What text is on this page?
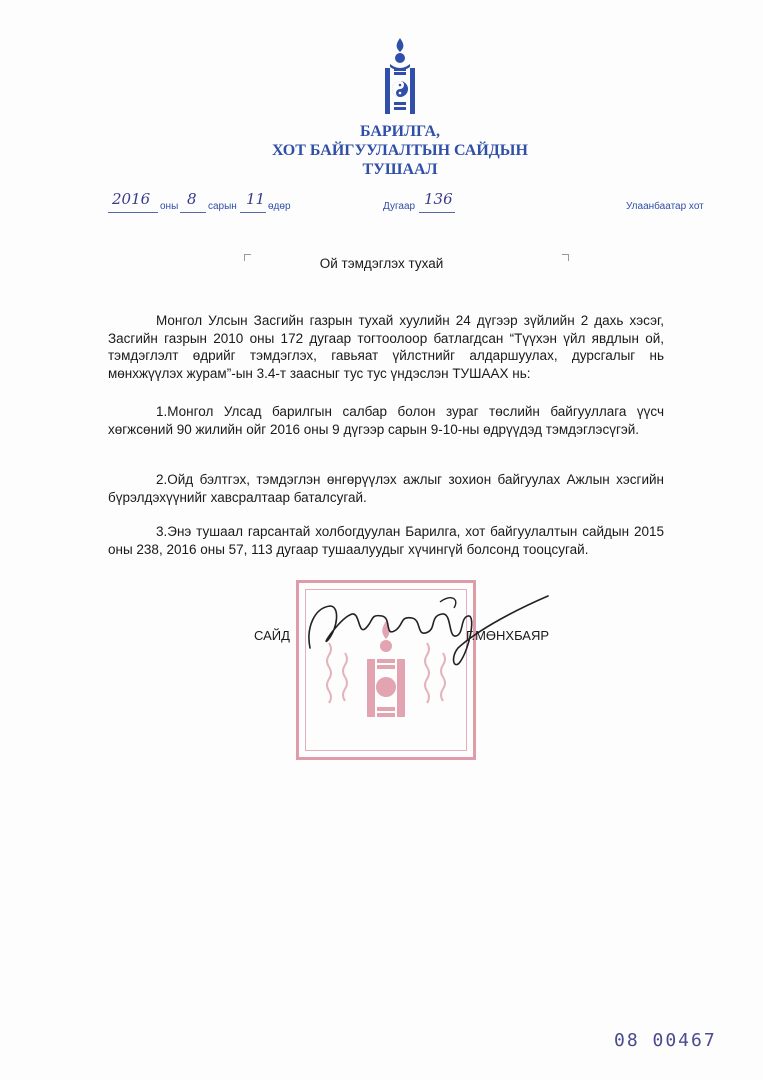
БАРИЛГА,
ХОТ БАЙГУУЛАЛТЫН САЙДЫН
ТУШААЛ
2016 оны 8 сарын 11 өдөр	Дугаар 136	Улаанбаатар хот
Ой тэмдэглэх тухай

Монгол Улсын Засгийн газрын тухай хуулийн 24 дүгээр зүйлийн 2 дахь хэсэг, Засгийн газрын 2010 оны 172 дугаар тогтоолоор батлагдсан “Түүхэн үйл явдлын ой, тэмдэглэлт өдрийг тэмдэглэх, гавьяат үйлстнийг алдаршуулах, дурсгалыг нь мөнхжүүлэх журам”-ын 3.4-т заасныг тус тус үндэслэн ТУШААХ нь:

1.Монгол Улсад барилгын салбар болон зураг төслийн байгууллага үүсч хөгжсөний 90 жилийн ойг 2016 оны 9 дүгээр сарын 9-10-ны өдрүүдэд тэмдэглэсүгэй.

2.Ойд бэлтгэх, тэмдэглэн өнгөрүүлэх ажлыг зохион байгуулах Ажлын хэсгийн бүрэлдэхүүнийг хавсралтаар баталсугай.

3.Энэ тушаал гарсантай холбогдуулан Барилга, хот байгуулалтын сайдын 2015 оны 238, 2016 оны 57, 113 дугаар тушаалуудыг хүчингүй болсонд тооцсугай.

САЙД	Г.МӨНХБАЯР
08 00467
